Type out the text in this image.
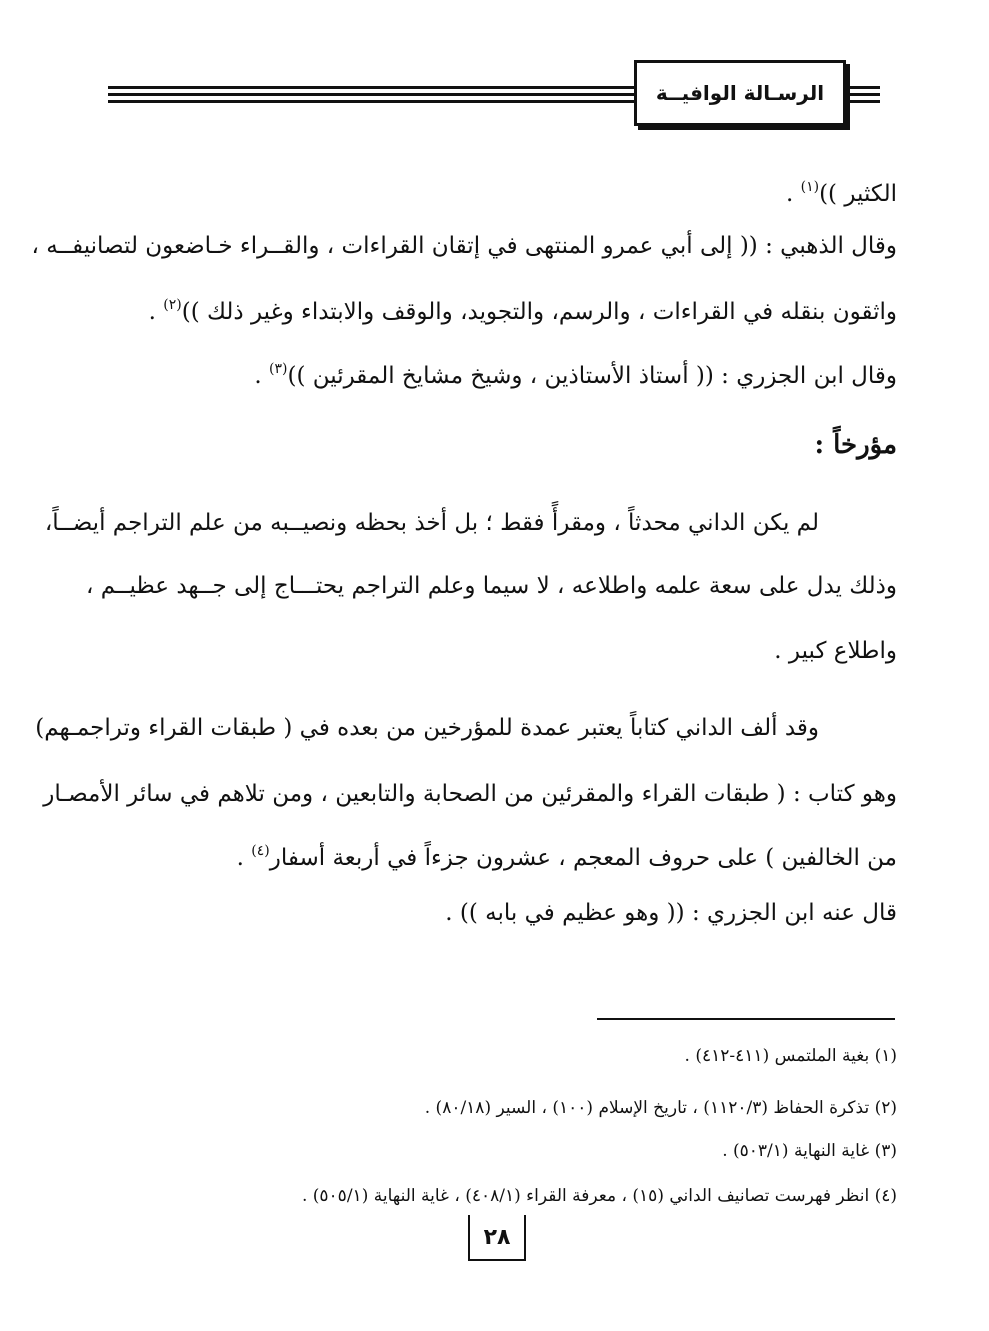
الرسـالة الوافيــة
الكثير ))$^{(١)}$ .
وقال الذهبي : (( إلى أبي عمرو المنتهى في إتقان القراءات ، والقــراء خـاضعون لتصانيفــه ،
واثقون بنقله في القراءات ، والرسم، والتجويد، والوقف والابتداء وغير ذلك ))$^{(٢)}$ .
وقال ابن الجزري : (( أستاذ الأستاذين ، وشيخ مشايخ المقرئين ))$^{(٣)}$ .
مؤرخاً :
لم يكن الداني محدثاً ، ومقرأً فقط ؛ بل أخذ بحظه ونصيــبه من علم التراجم أيضــاً،
وذلك يدل على سعة علمه واطلاعه ، لا سيما وعلم التراجم يحتـــاج إلى جــهد عظيــم ،
واطلاع كبير .
وقد ألف الداني كتاباً يعتبر عمدة للمؤرخين من بعده في ( طبقات القراء وتراجمـهم)
وهو كتاب : ( طبقات القراء والمقرئين من الصحابة والتابعين ، ومن تلاهم في سائر الأمصـار
من الخالفين ) على حروف المعجم ، عشرون جزءاً في أربعة أسفار$^{(٤)}$ .
قال عنه ابن الجزري : (( وهو عظيم في بابه )) .
(١) بغية الملتمس (٤١١-٤١٢) .
(٢) تذكرة الحفاظ (١١٢٠/٣) ، تاريخ الإسلام (١٠٠) ، السير (٨٠/١٨) .
(٣) غاية النهاية (٥٠٣/١) .
(٤) انظر فهرست تصانيف الداني (١٥) ، معرفة القراء (٤٠٨/١) ، غاية النهاية (٥٠٥/١) .
٢٨
